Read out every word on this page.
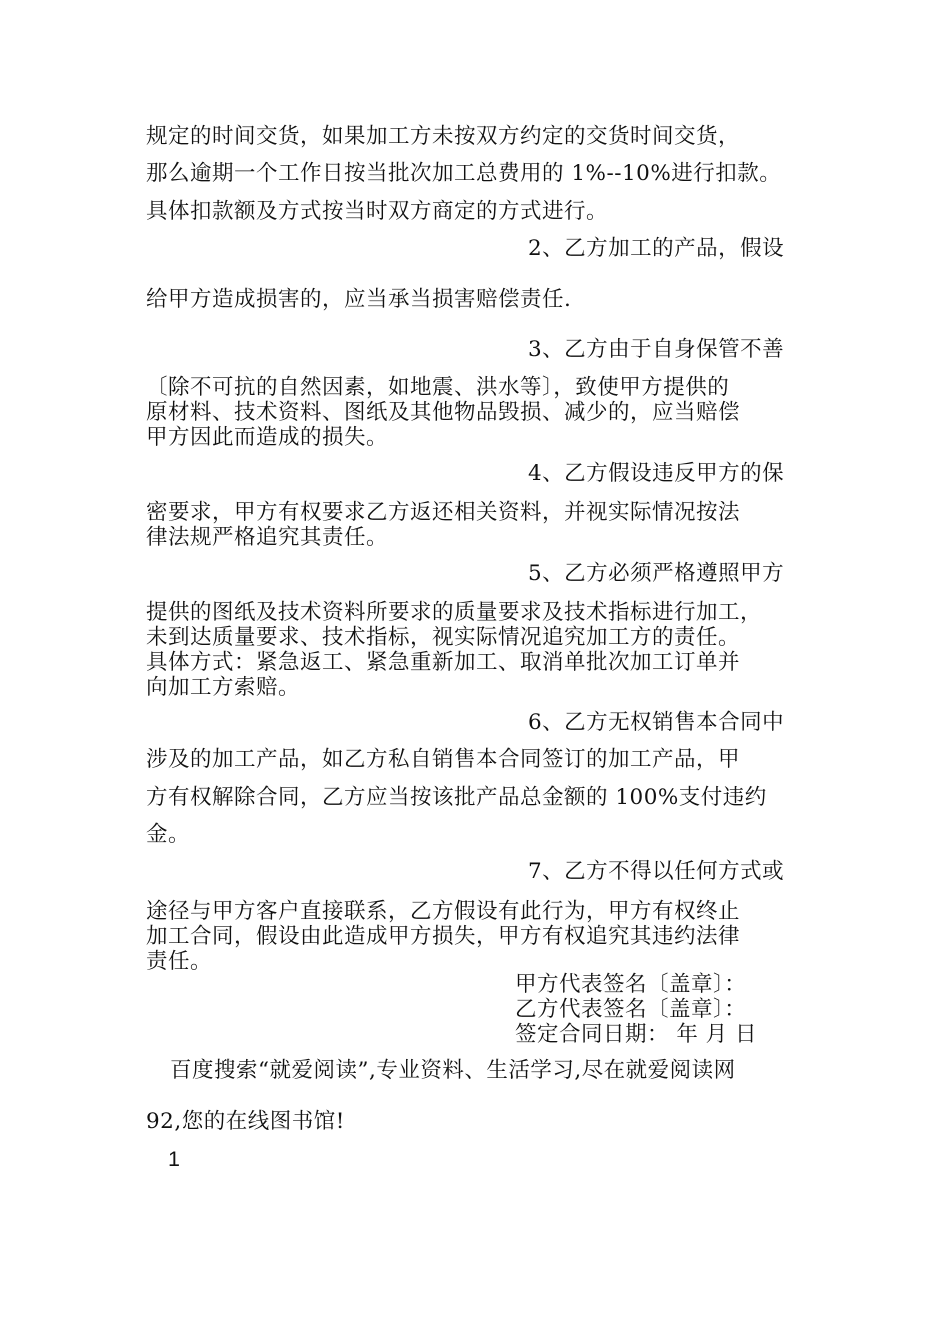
规定的时间交货，如果加工方未按双方约定的交货时间交货，
那么逾期一个工作日按当批次加工总费用的 1%--10%进行扣款。
具体扣款额及方式按当时双方商定的方式进行。
2、乙方加工的产品，假设
给甲方造成损害的，应当承当损害赔偿责任.
3、乙方由于自身保管不善
〔除不可抗的自然因素，如地震、洪水等〕，致使甲方提供的
原材料、技术资料、图纸及其他物品毁损、减少的，应当赔偿
甲方因此而造成的损失。
4、乙方假设违反甲方的保
密要求，甲方有权要求乙方返还相关资料，并视实际情况按法
律法规严格追究其责任。
5、乙方必须严格遵照甲方
提供的图纸及技术资料所要求的质量要求及技术指标进行加工，
未到达质量要求、技术指标，视实际情况追究加工方的责任。
具体方式：紧急返工、紧急重新加工、取消单批次加工订单并
向加工方索赔。
6、乙方无权销售本合同中
涉及的加工产品，如乙方私自销售本合同签订的加工产品，甲
方有权解除合同，乙方应当按该批产品总金额的 100%支付违约
金。
7、乙方不得以任何方式或
途径与甲方客户直接联系，乙方假设有此行为，甲方有权终止
加工合同，假设由此造成甲方损失，甲方有权追究其违约法律
责任。
甲方代表签名〔盖章〕：
乙方代表签名〔盖章〕：
签定合同日期： 年 月 日
百度搜索“就爱阅读”,专业资料、生活学习,尽在就爱阅读网
92,您的在线图书馆!
1
